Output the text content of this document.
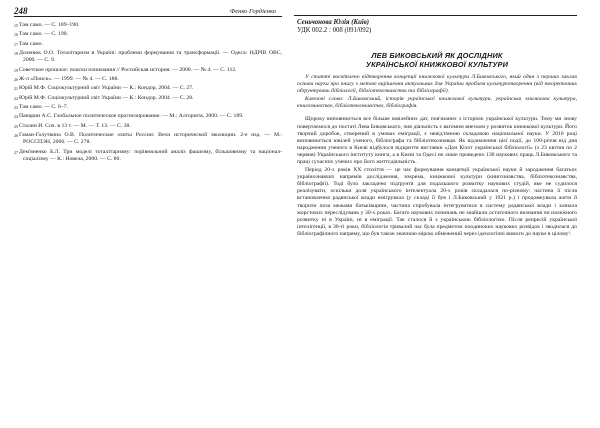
248	Фенко Гордієнко
$^{15}$Там само. — С. 189–190.
$^{16}$Там само. — С. 190.
$^{17}$Там само.
$^{18}$Доленюк О.О. Тоталітаризм в Україні: проблеми формування та трансформації. — Одеса: НДРІВ ОВС, 2000. — С. 9.
$^{19}$Советское прошлое: поиски понимания // Российская история. — 2000. — № 4. — С. 112.
$^{20}$Ж-л «Поиск». — 1999. — № 4. — С. 188.
$^{21}$Юрій М.Ф. Соціокультурний світ України — К.: Кондор, 2004. — С. 27.
$^{22}$Юрій М.Ф. Соціокультурний світ України — К.: Кондор, 2004. — С. 28.
$^{23}$Там само. — С. 6–7.
$^{24}$Панарин А.С. Глобальное политическое прогнозирование. — М.: Алгоритм, 2000. — С. 189.
$^{25}$Сталин И. Соч. в 13 т. — М. — Т. 13. — С. 38.
$^{26}$Гаман-Голутвина О.В. Политические элиты России: Вехи исторической эволюции. 2-е изд. — М.: РОССПЭН, 2006. — С. 278.
$^{27}$Дем'яненко Б.Л. Три моделі тоталітаризму: порівняльний аналіз фашизму, більшовизму та націонал-соціалізму — К.: Новела, 2000. — С. 80.
Сеньчонова Юлія (Київ)
УДК 002.2 : 008 (091/092)
ЛЕВ БИКОВСЬКИЙ ЯК ДОСЛІДНИК
УКРАЇНСЬКОЇ КНИЖКОВОЇ КУЛЬТУРИ
У статті висвітлено відтворення концепції книжкової культури Л.Биковського, який один з перших заклав основи науки про книгу з метою вирішення актуальних для України проблем культуротворення (від теоретичних обґрунтувань бібліології, бібліотекознавства та бібліографії).
Ключові слова: Л.Биковський, історія української книжкової культури, українська книжкова культура, книгознавство, бібліотекознавство, бібліографія.

Щороку виповнюється все більше ювілейних дат, пов'язаних з історією української культури. Тому ми знову повертаємося до постаті Лева Биковського, чия діяльність є вагомим внеском у розвиток книжкової культури. Його творчий доробок, створений в умовах еміграції, є невід'ємною складовою національної науки. У 2010 році виповнюється ювілей ученого, бібліографа та бібліотекознавця. Як відзначення цієї події, до 100-річчя від дня народження ученого в Києві відбулося відкриття виставки «Дон Кіхот української бібліології» (з 23 квітня по 2 червня) Українського інституту книги, а в Києві та Одесі не лише проведено 130 наукових праць Л.Биковського та праці сучасних учених про його життєдіяльність.

Період 20-х років ХХ століття — це час формування концепції української науки й зародження багатьох українознавчих напрямів дослідження, зокрема, книжкової культури (книгознавства, бібліотекознавства, бібліографії). Тоді було закладено підґрунтя для подальшого розвитку наукових студій, яке не судилося реалізувати, оскільки доля українського інтелектуала 20-х років складалася по-різному: частина її після встановлення радянської влади емігрувала (у складі її був і Л.Биковський у 1921 р.) і продовжувала жити й творити поза межами батьківщини, частина спробувала інтегруватися в систему радянської влади і зазнала жорстоких переслідувань у 30-х роках. Багато наукових починань не знайшли остаточного визнання чи належного розвитку ні в Україні, ні в еміграції. Так сталося й з українською бібліологією. Після репресій української інтелігенції, в 30-ті роки, бібліологія тривалий час була предметом поодиноких наукових розвідок і зводилася до бібліографічного напряму, що був також значною мірою обмежений через ідеологічні вимоги до науки в цілому¹.
